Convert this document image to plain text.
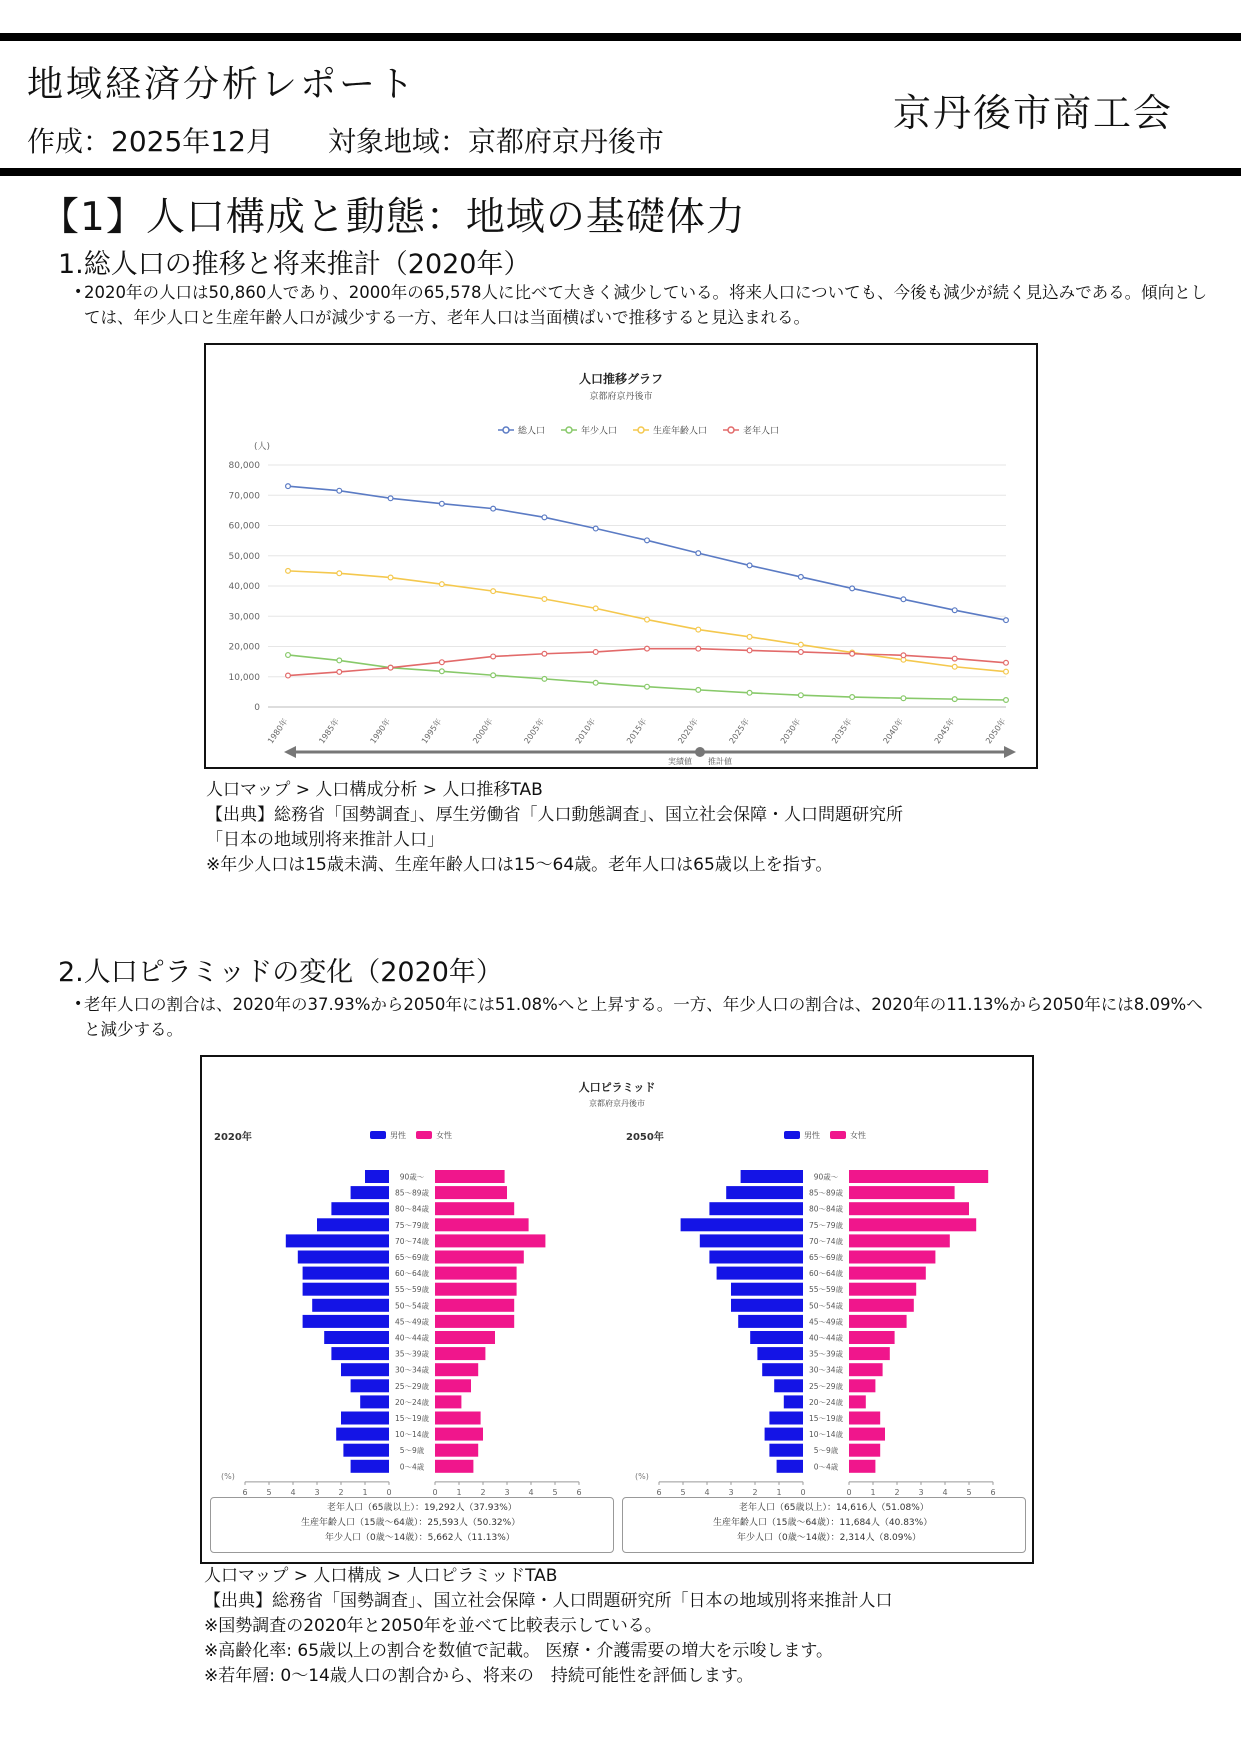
地域経済分析レポート
作成：2025年12月 対象地域：京都府京丹後市
京丹後市商工会
【1】人口構成と動態：地域の基礎体力
1.総人口の推移と将来推計（2020年）
• 2020年の人口は50,860人であり、2000年の65,578人に比べて大きく減少している。将来人口についても、今後も減少が続く見込みである。傾向としては、年少人口と生産年齢人口が減少する一方、老年人口は当面横ばいで推移すると見込まれる。
人口推移グラフ
京都府京丹後市
総人口	年少人口	生産年齢人口	老年人口
(人)
0
10,000
20,000
30,000
40,000
50,000
60,000
70,000
80,000
1980年	1985年	1990年	1995年	2000年	2005年	2010年	2015年	2020年	2025年	2030年	2035年	2040年	2045年	2050年
実績値 推計値
人口マップ > 人口構成分析 > 人口推移TAB
【出典】総務省「国勢調査」、厚生労働省「人口動態調査」、国立社会保障・人口問題研究所
「日本の地域別将来推計人口」
※年少人口は15歳未満、生産年齢人口は15～64歳。老年人口は65歳以上を指す。
2.人口ピラミッドの変化（2020年）
• 老年人口の割合は、2020年の37.93%から2050年には51.08%へと上昇する。一方、年少人口の割合は、2020年の11.13%から2050年には8.09%へと減少する。
人口ピラミッド
京都府京丹後市
2020年	男性	女性
90歳～
85～89歳
80～84歳
75～79歳
70～74歳
65～69歳
60～64歳
55～59歳
50～54歳
45～49歳
40～44歳
35～39歳
30～34歳
25～29歳
20～24歳
15～19歳
10～14歳
5～9歳
0～4歳
(%)
0	0
1	1
2	2
3	3
4	4
5	5
6	6
2050年	男性	女性
90歳～
85～89歳
80～84歳
75～79歳
70～74歳
65～69歳
60～64歳
55～59歳
50～54歳
45～49歳
40～44歳
35～39歳
30～34歳
25～29歳
20～24歳
15～19歳
10～14歳
5～9歳
0～4歳
(%)
0	0
1	1
2	2
3	3
4	4
5	5
6	6
老年人口（65歳以上）：19,292人（37.93%）
生産年齢人口（15歳～64歳）：25,593人（50.32%）
年少人口（0歳～14歳）：5,662人（11.13%）
老年人口（65歳以上）：14,616人（51.08%）
生産年齢人口（15歳～64歳）：11,684人（40.83%）
年少人口（0歳～14歳）：2,314人（8.09%）
人口マップ > 人口構成 > 人口ピラミッドTAB
【出典】総務省「国勢調査」、国立社会保障・人口問題研究所「日本の地域別将来推計人口
※国勢調査の2020年と2050年を並べて比較表示している。
※高齢化率: 65歳以上の割合を数値で記載。 医療・介護需要の増大を示唆します。
※若年層: 0～14歳人口の割合から、将来の　持続可能性を評価します。
